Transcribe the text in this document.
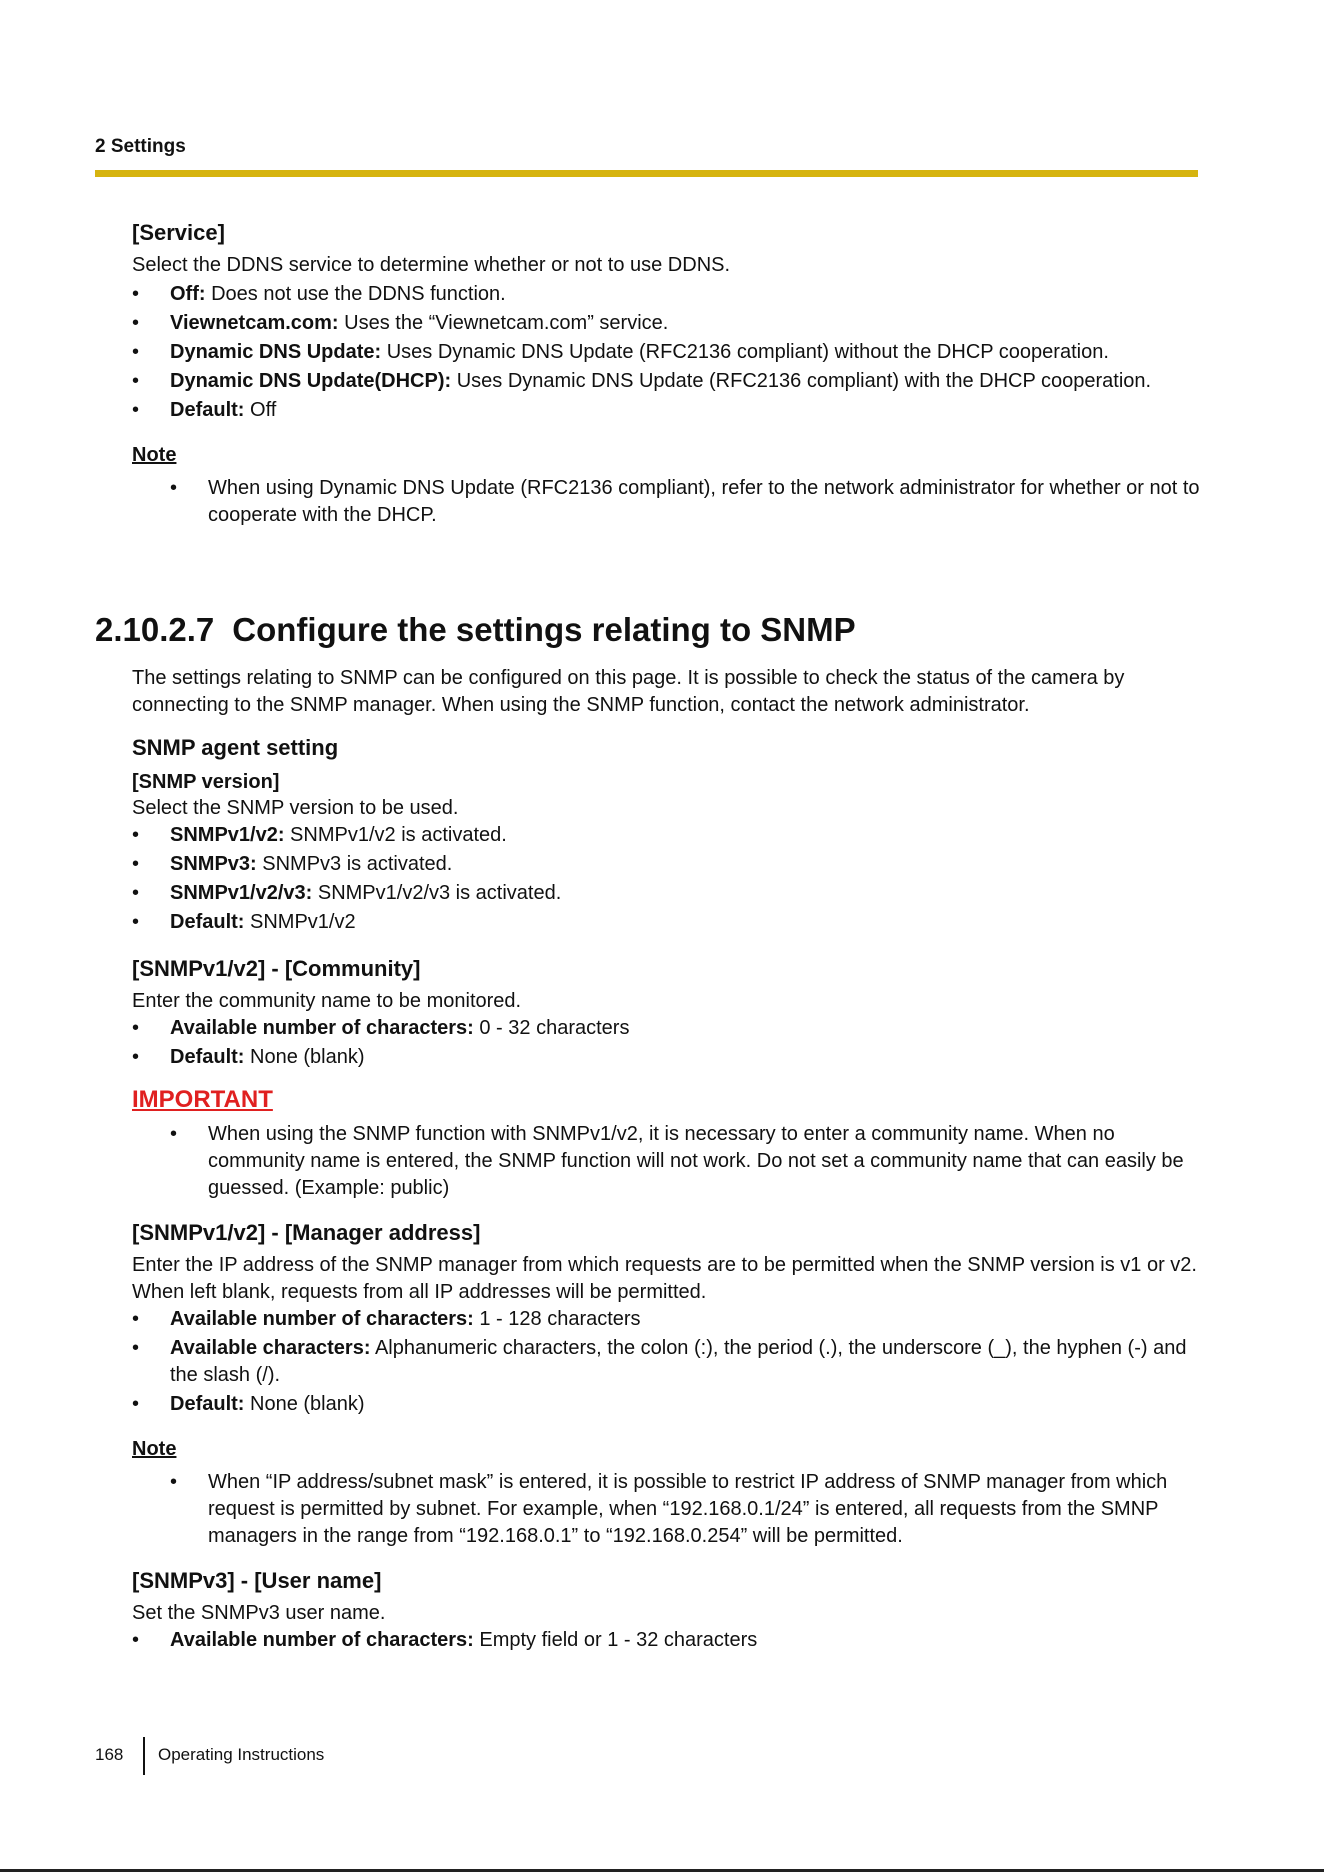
2 Settings

[Service]

Select the DDNS service to determine whether or not to use DDNS.

• Off: Does not use the DDNS function.
• Viewnetcam.com: Uses the “Viewnetcam.com” service.
• Dynamic DNS Update: Uses Dynamic DNS Update (RFC2136 compliant) without the DHCP cooperation.
• Dynamic DNS Update(DHCP): Uses Dynamic DNS Update (RFC2136 compliant) with the DHCP cooperation.
• Default: Off
Note
• When using Dynamic DNS Update (RFC2136 compliant), refer to the network administrator for whether or not to cooperate with the DHCP.
2.10.2.7 Configure the settings relating to SNMP

The settings relating to SNMP can be configured on this page. It is possible to check the status of the camera by connecting to the SNMP manager. When using the SNMP function, contact the network administrator.

SNMP agent setting

[SNMP version]

Select the SNMP version to be used.

• SNMPv1/v2: SNMPv1/v2 is activated.
• SNMPv3: SNMPv3 is activated.
• SNMPv1/v2/v3: SNMPv1/v2/v3 is activated.
• Default: SNMPv1/v2

[SNMPv1/v2] - [Community]

Enter the community name to be monitored.

• Available number of characters: 0 - 32 characters
• Default: None (blank)
IMPORTANT
• When using the SNMP function with SNMPv1/v2, it is necessary to enter a community name. When no community name is entered, the SNMP function will not work. Do not set a community name that can easily be guessed. (Example: public)

[SNMPv1/v2] - [Manager address]

Enter the IP address of the SNMP manager from which requests are to be permitted when the SNMP version is v1 or v2. When left blank, requests from all IP addresses will be permitted.

• Available number of characters: 1 - 128 characters
• Available characters: Alphanumeric characters, the colon (:), the period (.), the underscore (_), the hyphen (-) and the slash (/).
• Default: None (blank)
Note
• When “IP address/subnet mask” is entered, it is possible to restrict IP address of SNMP manager from which request is permitted by subnet. For example, when “192.168.0.1/24” is entered, all requests from the SMNP managers in the range from “192.168.0.1” to “192.168.0.254” will be permitted.

[SNMPv3] - [User name]

Set the SNMPv3 user name.

• Available number of characters: Empty field or 1 - 32 characters
168 Operating Instructions
